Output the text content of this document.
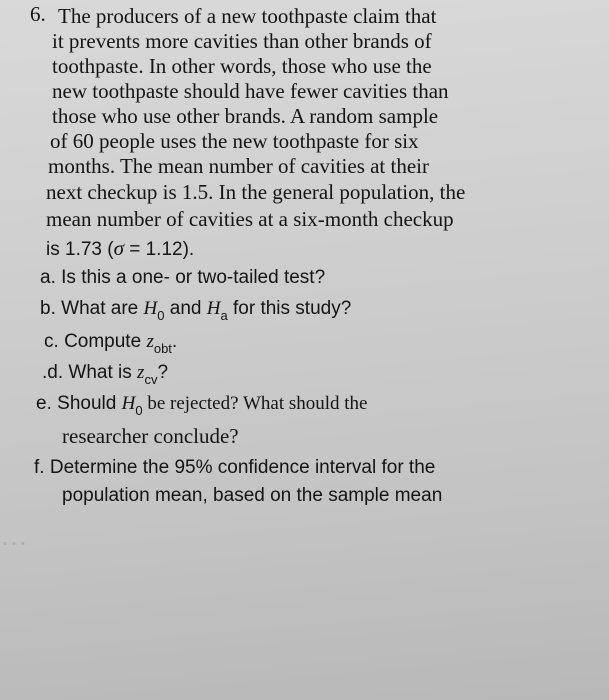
…
6. The producers of a new toothpaste claim that
it prevents more cavities than other brands of
toothpaste. In other words, those who use the
new toothpaste should have fewer cavities than
those who use other brands. A random sample
of 60 people uses the new toothpaste for six
months. The mean number of cavities at their
next checkup is 1.5. In the general population, the
mean number of cavities at a six-month checkup
is 1.73 (σ = 1.12).
a. Is this a one- or two-tailed test?
b. What are $H_0$ and $H_a$ for this study?
c. Compute $z_{obt}$.
.d. What is $z_{cv}$?
e. Should $H_0$ be rejected? What should the
researcher conclude?
f. Determine the 95% confidence interval for the
population mean, based on the sample mean
